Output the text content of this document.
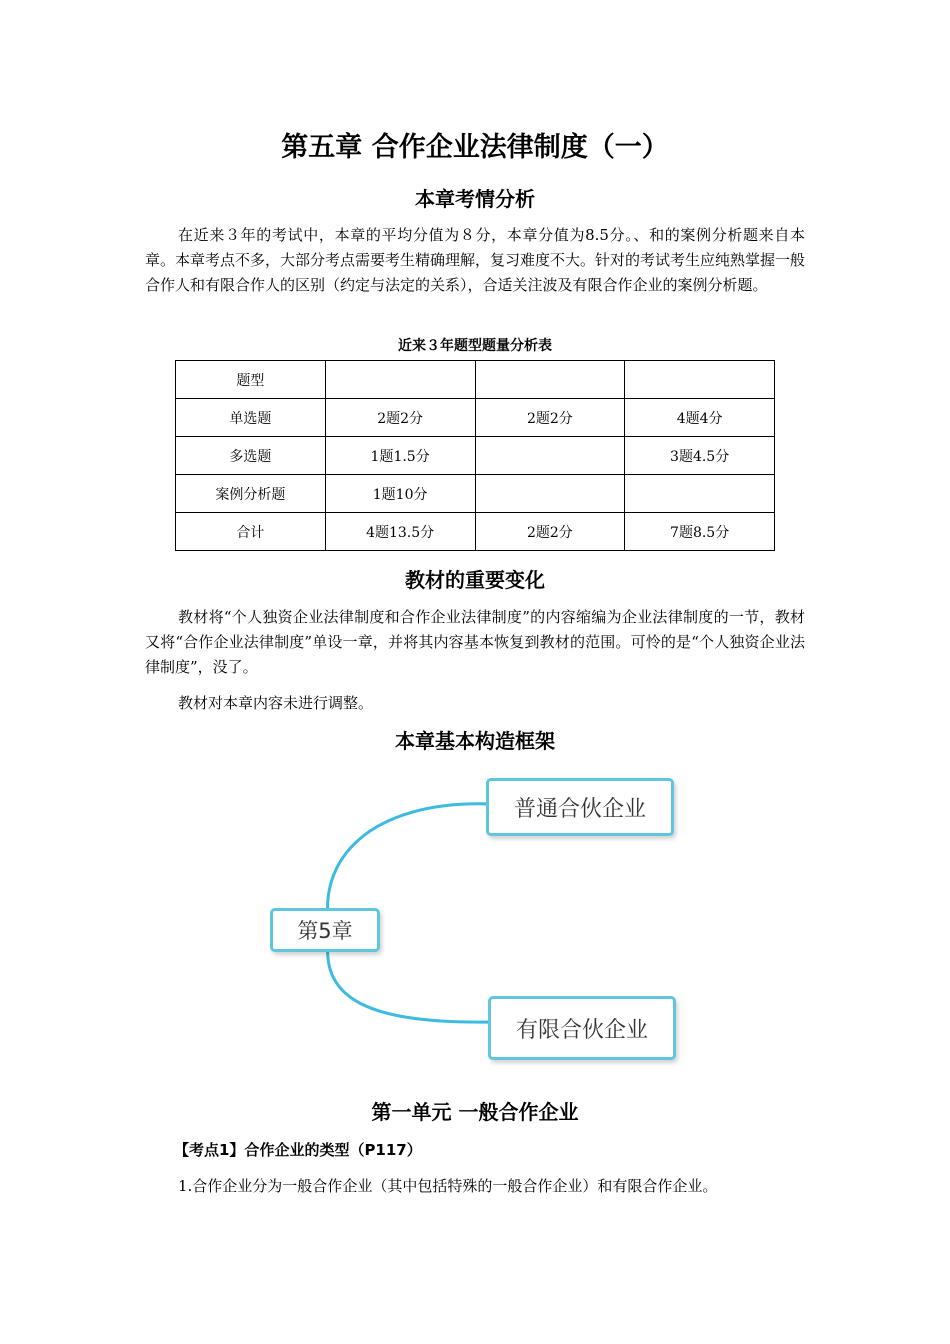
第五章 合作企业法律制度（一）
本章考情分析

在近来３年的考试中，本章的平均分值为８分，本章分值为8.5分。、和的案例分析题来自本章。本章考点不多，大部分考点需要考生精确理解，复习难度不大。针对的考试考生应纯熟掌握一般合作人和有限合作人的区别（约定与法定的关系），合适关注波及有限合作企业的案例分析题。

近来３年题型题量分析表
题型			
单选题	2题2分	2题2分	4题4分
多选题	1题1.5分		3题4.5分
案例分析题	1题10分		
合计	4题13.5分	2题2分	7题8.5分
教材的重要变化

教材将“个人独资企业法律制度和合作企业法律制度”的内容缩编为企业法律制度的一节，教材又将“合作企业法律制度”单设一章，并将其内容基本恢复到教材的范围。可怜的是“个人独资企业法律制度”，没了。

教材对本章内容未进行调整。

本章基本构造框架
第5章
普通合伙企业
有限合伙企业
第一单元 一般合作企业
【考点1】合作企业的类型（P117）
1.合作企业分为一般合作企业（其中包括特殊的一般合作企业）和有限合作企业。
